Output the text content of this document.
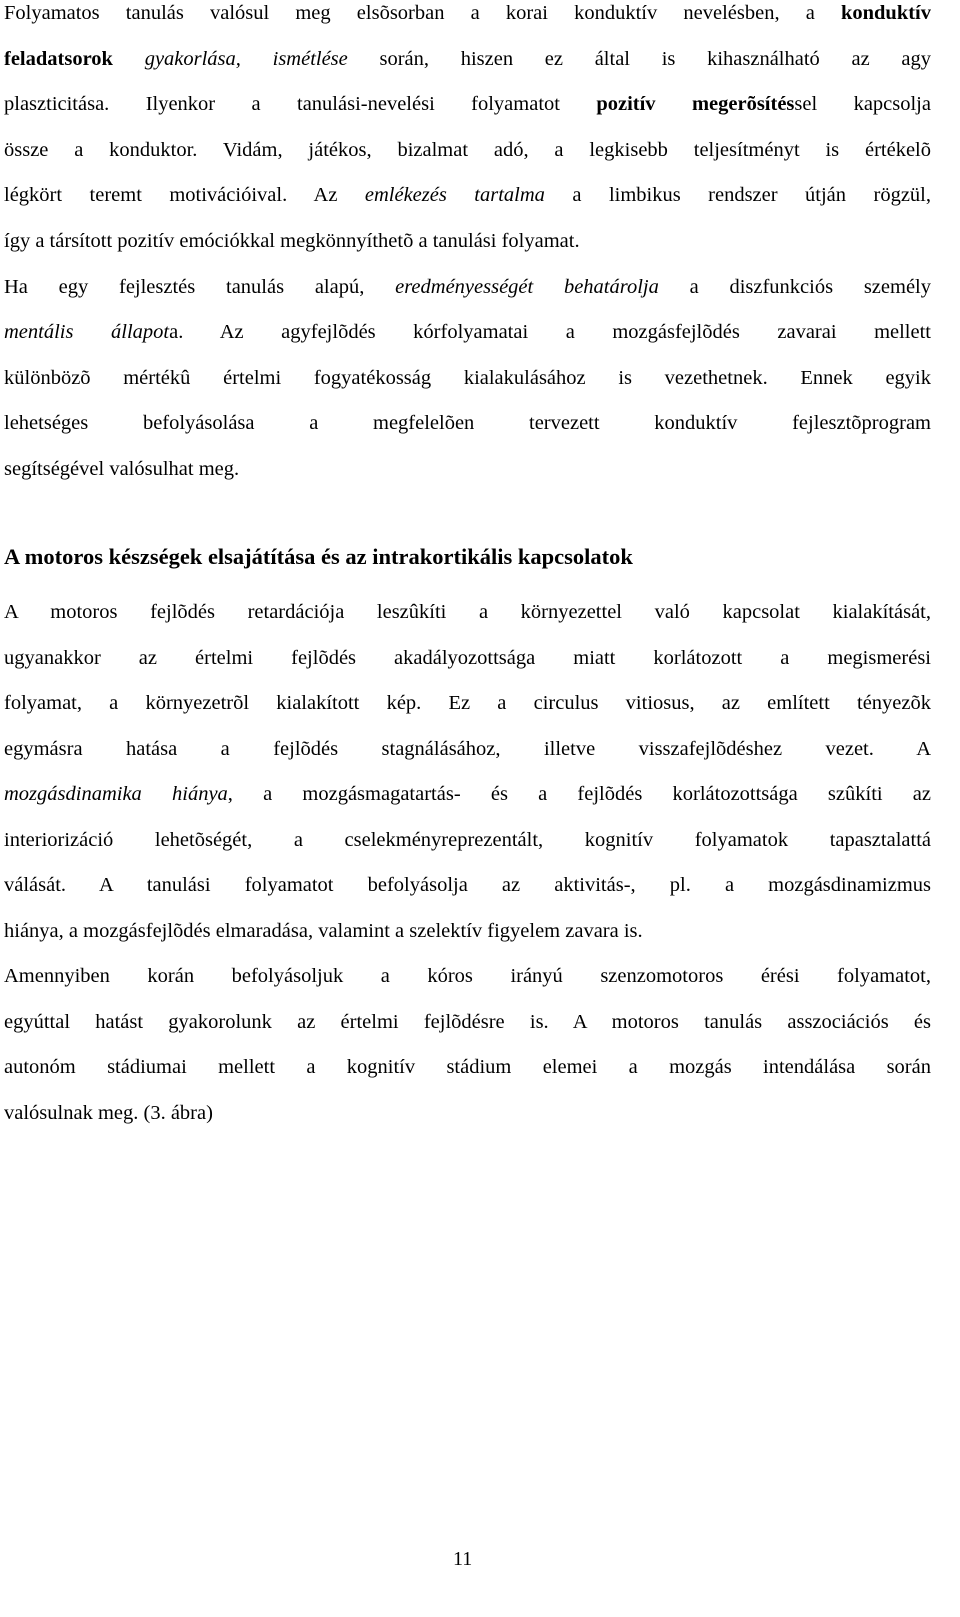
Folyamatos tanulás valósul meg elsõsorban a korai konduktív nevelésben, a konduktív
feladatsorok gyakorlása, ismétlése során, hiszen ez által is kihasználható az agy
plaszticitása. Ilyenkor a tanulási-nevelési folyamatot pozitív megerõsítéssel kapcsolja
össze a konduktor. Vidám, játékos, bizalmat adó, a legkisebb teljesítményt is értékelõ
légkört teremt motivációival. Az emlékezés tartalma a limbikus rendszer útján rögzül,
így a társított pozitív emóciókkal megkönnyíthetõ a tanulási folyamat.
Ha egy fejlesztés tanulás alapú, eredményességét behatárolja a diszfunkciós személy
mentális állapota. Az agyfejlõdés kórfolyamatai a mozgásfejlõdés zavarai mellett
különbözõ mértékû értelmi fogyatékosság kialakulásához is vezethetnek. Ennek egyik
lehetséges befolyásolása a megfelelõen tervezett konduktív fejlesztõprogram
segítségével valósulhat meg.
A motoros készségek elsajátítása és az intrakortikális kapcsolatok
A motoros fejlõdés retardációja leszûkíti a környezettel való kapcsolat kialakítását,
ugyanakkor az értelmi fejlõdés akadályozottsága miatt korlátozott a megismerési
folyamat, a környezetrõl kialakított kép. Ez a circulus vitiosus, az említett tényezõk
egymásra hatása a fejlõdés stagnálásához, illetve visszafejlõdéshez vezet. A
mozgásdinamika hiánya, a mozgásmagatartás- és a fejlõdés korlátozottsága szûkíti az
interiorizáció lehetõségét, a cselekményreprezentált, kognitív folyamatok tapasztalattá
válását. A tanulási folyamatot befolyásolja az aktivitás-, pl. a mozgásdinamizmus
hiánya, a mozgásfejlõdés elmaradása, valamint a szelektív figyelem zavara is.
Amennyiben korán befolyásoljuk a kóros irányú szenzomotoros érési folyamatot,
egyúttal hatást gyakorolunk az értelmi fejlõdésre is. A motoros tanulás asszociációs és
autonóm stádiumai mellett a kognitív stádium elemei a mozgás intendálása során
valósulnak meg. (3. ábra)
11
